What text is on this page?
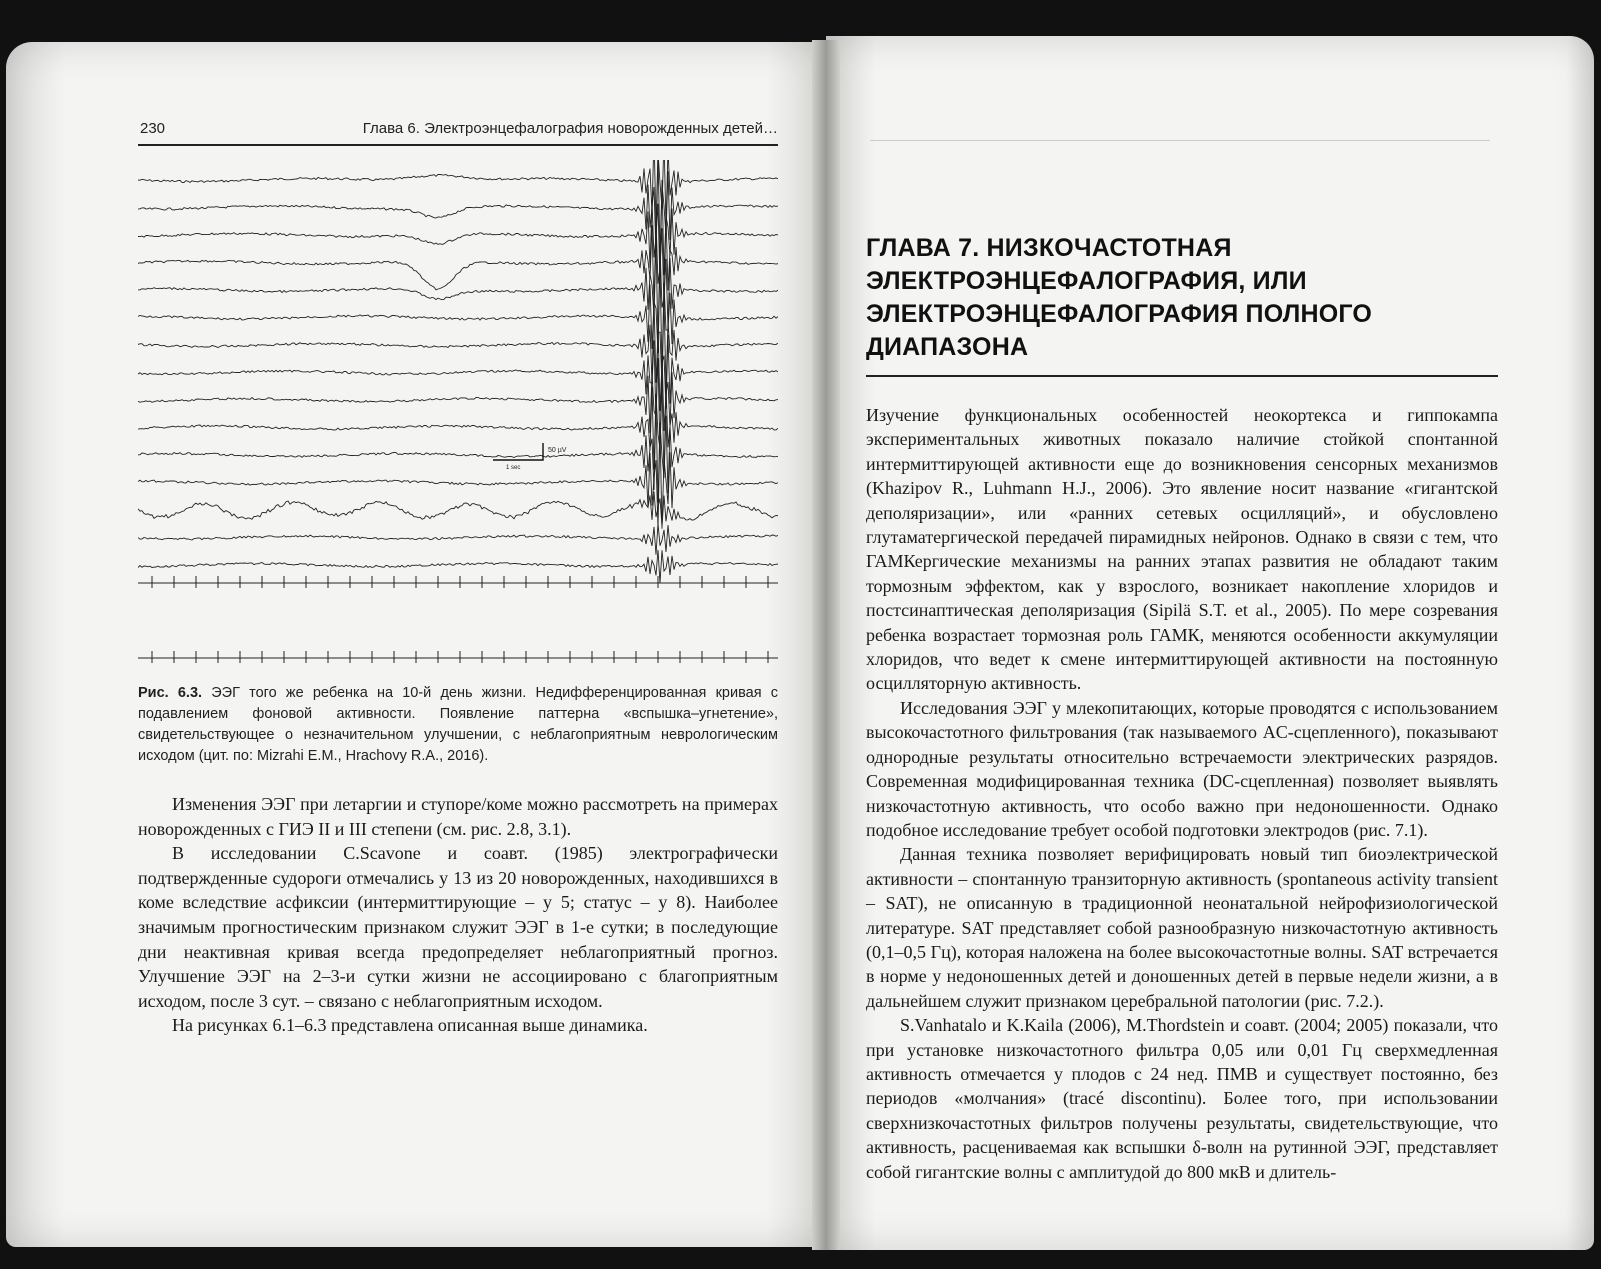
230	Глава 6. Электроэнцефалография новорожденных детей…
50 µV
1 sec
Рис. 6.3. ЭЭГ того же ребенка на 10-й день жизни. Недифференцированная кривая с подавлением фоновой активности. Появление паттерна «вспышка–угнетение», свидетельствующее о незначительном улучшении, с неблагоприятным неврологическим исходом (цит. по: Mizrahi E.M., Hrachovy R.A., 2016).

Изменения ЭЭГ при летаргии и ступоре/коме можно рассмотреть на примерах новорожденных с ГИЭ II и III степени (см. рис. 2.8, 3.1).

В исследовании C.Scavone и соавт. (1985) электрографически подтвержденные судороги отмечались у 13 из 20 новорожденных, находившихся в коме вследствие асфиксии (интермиттирующие – у 5; статус – у 8). Наиболее значимым прогностическим признаком служит ЭЭГ в 1-е сутки; в последующие дни неактивная кривая всегда предопределяет неблагоприятный прогноз. Улучшение ЭЭГ на 2–3-и сутки жизни не ассоциировано с благоприятным исходом, после 3 сут. – связано с неблагоприятным исходом.

На рисунках 6.1–6.3 представлена описанная выше динамика.

ГЛАВА 7. НИЗКОЧАСТОТНАЯ ЭЛЕКТРОЭНЦЕФАЛОГРАФИЯ, ИЛИ ЭЛЕКТРОЭНЦЕФАЛОГРАФИЯ ПОЛНОГО ДИАПАЗОНА

Изучение функциональных особенностей неокортекса и гиппокампа экспериментальных животных показало наличие стойкой спонтанной интермиттирующей активности еще до возникновения сенсорных механизмов (Khazipov R., Luhmann H.J., 2006). Это явление носит название «гигантской деполяризации», или «ранних сетевых осцилляций», и обусловлено глутаматергической передачей пирамидных нейронов. Однако в связи с тем, что ГАМКергические механизмы на ранних этапах развития не обладают таким тормозным эффектом, как у взрослого, возникает накопление хлоридов и постсинаптическая деполяризация (Sipilä S.T. et al., 2005). По мере созревания ребенка возрастает тормозная роль ГАМК, меняются особенности аккумуляции хлоридов, что ведет к смене интермиттирующей активности на постоянную осцилляторную активность.

Исследования ЭЭГ у млекопитающих, которые проводятся с использованием высокочастотного фильтрования (так называемого AC-сцепленного), показывают однородные результаты относительно встречаемости электрических разрядов. Современная модифицированная техника (DC-сцепленная) позволяет выявлять низкочастотную активность, что особо важно при недоношенности. Однако подобное исследование требует особой подготовки электродов (рис. 7.1).

Данная техника позволяет верифицировать новый тип биоэлектрической активности – спонтанную транзиторную активность (spontaneous activity transient – SAT), не описанную в традиционной неонатальной нейрофизиологической литературе. SAT представляет собой разнообразную низкочастотную активность (0,1–0,5 Гц), которая наложена на более высокочастотные волны. SAT встречается в норме у недоношенных детей и доношенных детей в первые недели жизни, а в дальнейшем служит признаком церебральной патологии (рис. 7.2.).

S.Vanhatalo и K.Kaila (2006), M.Thordstein и соавт. (2004; 2005) показали, что при установке низкочастотного фильтра 0,05 или 0,01 Гц сверхмедленная активность отмечается у плодов с 24 нед. ПМВ и существует постоянно, без периодов «молчания» (tracé discontinu). Более того, при использовании сверхнизкочастотных фильтров получены результаты, свидетельствующие, что активность, расцениваемая как вспышки δ-волн на рутинной ЭЭГ, представляет собой гигантские волны с амплитудой до 800 мкВ и длитель-
